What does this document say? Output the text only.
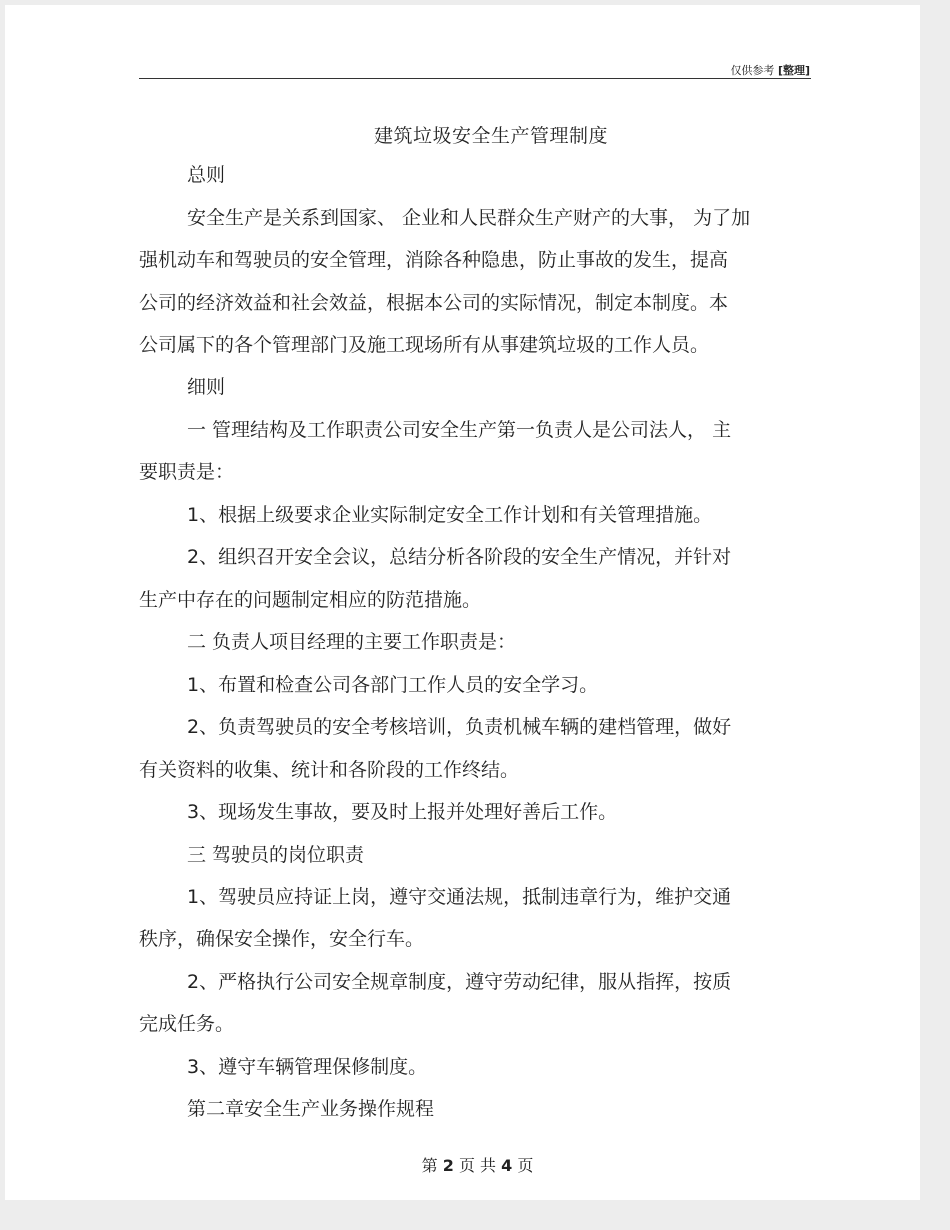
仅供参考 [整理]
建筑垃圾安全生产管理制度
总则
安全生产是关系到国家、 企业和人民群众生产财产的大事， 为了加
强机动车和驾驶员的安全管理，消除各种隐患，防止事故的发生，提高
公司的经济效益和社会效益，根据本公司的实际情况，制定本制度。本
公司属下的各个管理部门及施工现场所有从事建筑垃圾的工作人员。
细则
一 管理结构及工作职责公司安全生产第一负责人是公司法人， 主
要职责是：
1、根据上级要求企业实际制定安全工作计划和有关管理措施。
2、组织召开安全会议，总结分析各阶段的安全生产情况，并针对
生产中存在的问题制定相应的防范措施。
二 负责人项目经理的主要工作职责是：
1、布置和检查公司各部门工作人员的安全学习。
2、负责驾驶员的安全考核培训，负责机械车辆的建档管理，做好
有关资料的收集、统计和各阶段的工作终结。
3、现场发生事故，要及时上报并处理好善后工作。
三 驾驶员的岗位职责
1、驾驶员应持证上岗，遵守交通法规，抵制违章行为，维护交通
秩序，确保安全操作，安全行车。
2、严格执行公司安全规章制度，遵守劳动纪律，服从指挥，按质
完成任务。
3、遵守车辆管理保修制度。
第二章安全生产业务操作规程
第 2 页 共 4 页
